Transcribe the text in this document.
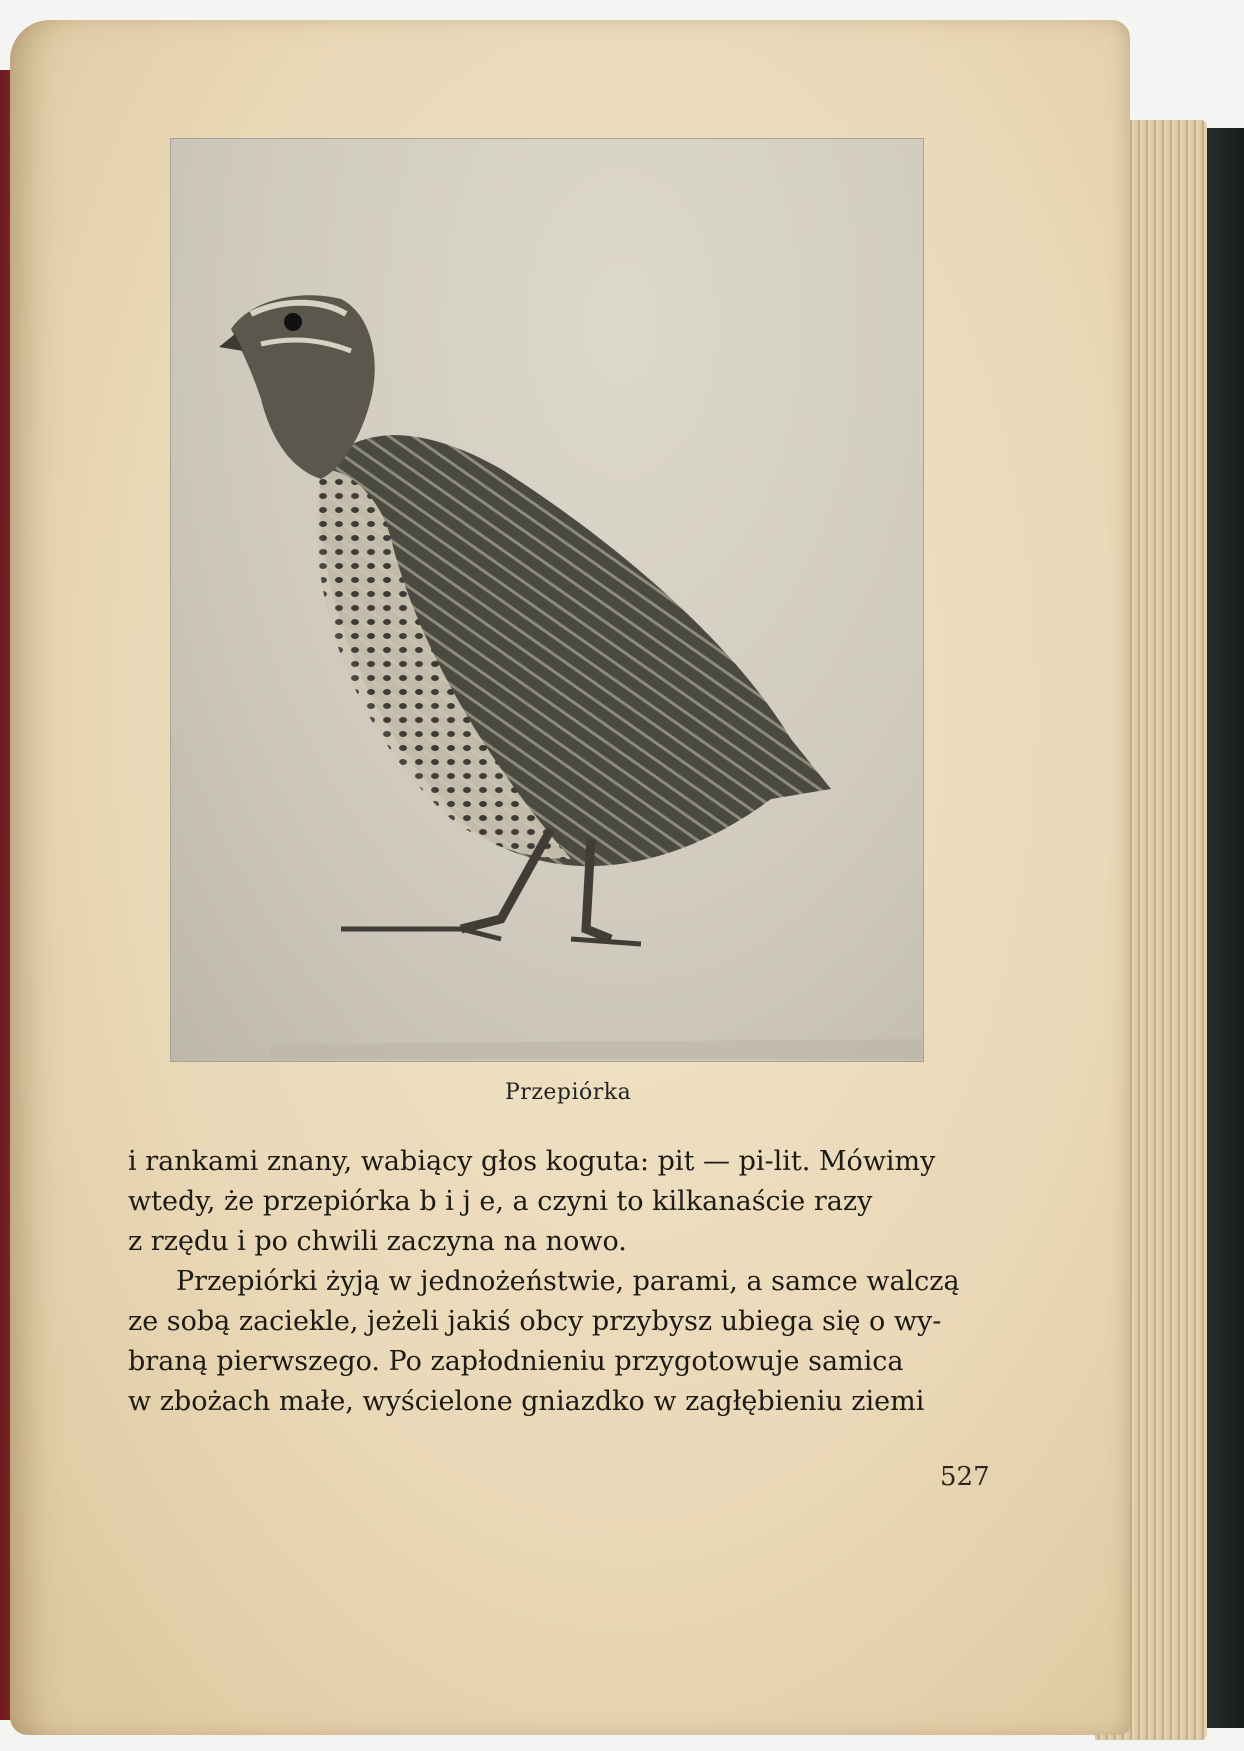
Przepiórka
i rankami znany, wabiący głos koguta: pit — pi-lit. Mówimy
wtedy, że przepiórka b i j e, a czyni to kilkanaście razy
z rzędu i po chwili zaczyna na nowo.
Przepiórki żyją w jednożeństwie, parami, a samce walczą
ze sobą zaciekle, jeżeli jakiś obcy przybysz ubiega się o wy-
braną pierwszego. Po zapłodnieniu przygotowuje samica
w zbożach małe, wyścielone gniazdko w zagłębieniu ziemi
527
